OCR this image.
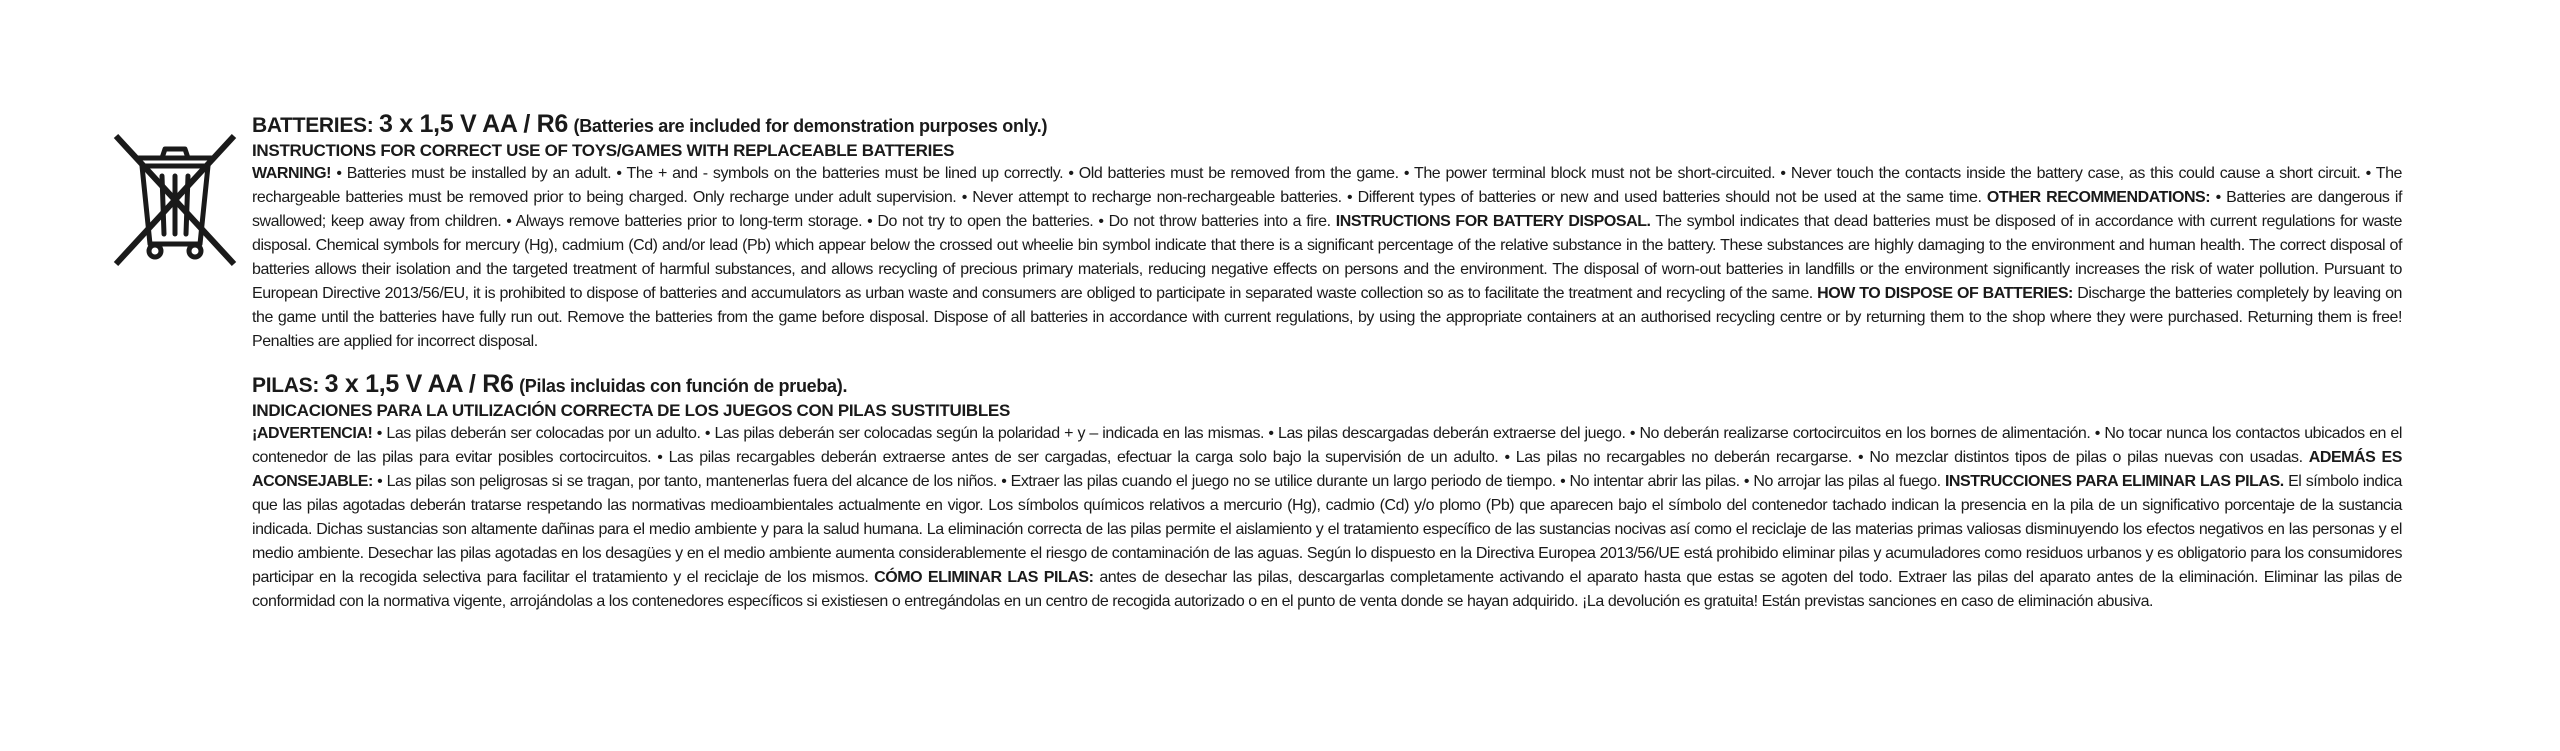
BATTERIES: 3 x 1,5 V AA / R6 (Batteries are included for demonstration purposes only.)

INSTRUCTIONS FOR CORRECT USE OF TOYS/GAMES WITH REPLACEABLE BATTERIES

WARNING! • Batteries must be installed by an adult. • The + and - symbols on the batteries must be lined up correctly. • Old batteries must be removed from the game. • The power terminal block must not be short-circuited. • Never touch the contacts inside the battery case, as this could cause a short circuit. • The rechargeable batteries must be removed prior to being charged. Only recharge under adult supervision. • Never attempt to recharge non-rechargeable batteries. • Different types of batteries or new and used batteries should not be used at the same time. OTHER RECOMMENDATIONS: • Batteries are dangerous if swallowed; keep away from children. • Always remove batteries prior to long-term storage. • Do not try to open the batteries. • Do not throw batteries into a fire. INSTRUCTIONS FOR BATTERY DISPOSAL. The symbol indicates that dead batteries must be disposed of in accordance with current regulations for waste disposal. Chemical symbols for mercury (Hg), cadmium (Cd) and/or lead (Pb) which appear below the crossed out wheelie bin symbol indicate that there is a significant percentage of the relative substance in the battery. These substances are highly damaging to the environment and human health. The correct disposal of batteries allows their isolation and the targeted treatment of harmful substances, and allows recycling of precious primary materials, reducing negative effects on persons and the environment. The disposal of worn-out batteries in landfills or the environment significantly increases the risk of water pollution. Pursuant to European Directive 2013/56/EU, it is prohibited to dispose of batteries and accumulators as urban waste and consumers are obliged to participate in separated waste collection so as to facilitate the treatment and recycling of the same. HOW TO DISPOSE OF BATTERIES: Discharge the batteries completely by leaving on the game until the batteries have fully run out. Remove the batteries from the game before disposal. Dispose of all batteries in accordance with current regulations, by using the appropriate containers at an authorised recycling centre or by returning them to the shop where they were purchased. Returning them is free! Penalties are applied for incorrect disposal.

PILAS: 3 x 1,5 V AA / R6 (Pilas incluidas con función de prueba).

INDICACIONES PARA LA UTILIZACIÓN CORRECTA DE LOS JUEGOS CON PILAS SUSTITUIBLES

¡ADVERTENCIA! • Las pilas deberán ser colocadas por un adulto. • Las pilas deberán ser colocadas según la polaridad + y – indicada en las mismas. • Las pilas descargadas deberán extraerse del juego. • No deberán realizarse cortocircuitos en los bornes de alimentación. • No tocar nunca los contactos ubicados en el contenedor de las pilas para evitar posibles cortocircuitos. • Las pilas recargables deberán extraerse antes de ser cargadas, efectuar la carga solo bajo la supervisión de un adulto. • Las pilas no recargables no deberán recargarse. • No mezclar distintos tipos de pilas o pilas nuevas con usadas. ADEMÁS ES ACONSEJABLE: • Las pilas son peligrosas si se tragan, por tanto, mantenerlas fuera del alcance de los niños. • Extraer las pilas cuando el juego no se utilice durante un largo periodo de tiempo. • No intentar abrir las pilas. • No arrojar las pilas al fuego. INSTRUCCIONES PARA ELIMINAR LAS PILAS. El símbolo indica que las pilas agotadas deberán tratarse respetando las normativas medioambientales actualmente en vigor. Los símbolos químicos relativos a mercurio (Hg), cadmio (Cd) y/o plomo (Pb) que aparecen bajo el símbolo del contenedor tachado indican la presencia en la pila de un significativo porcentaje de la sustancia indicada. Dichas sustancias son altamente dañinas para el medio ambiente y para la salud humana. La eliminación correcta de las pilas permite el aislamiento y el tratamiento específico de las sustancias nocivas así como el reciclaje de las materias primas valiosas disminuyendo los efectos negativos en las personas y el medio ambiente. Desechar las pilas agotadas en los desagües y en el medio ambiente aumenta considerablemente el riesgo de contaminación de las aguas. Según lo dispuesto en la Directiva Europea 2013/56/UE está prohibido eliminar pilas y acumuladores como residuos urbanos y es obligatorio para los consumidores participar en la recogida selectiva para facilitar el tratamiento y el reciclaje de los mismos. CÓMO ELIMINAR LAS PILAS: antes de desechar las pilas, descargarlas completamente activando el aparato hasta que estas se agoten del todo. Extraer las pilas del aparato antes de la eliminación. Eliminar las pilas de conformidad con la normativa vigente, arrojándolas a los contenedores específicos si existiesen o entregándolas en un centro de recogida autorizado o en el punto de venta donde se hayan adquirido. ¡La devolución es gratuita! Están previstas sanciones en caso de eliminación abusiva.
